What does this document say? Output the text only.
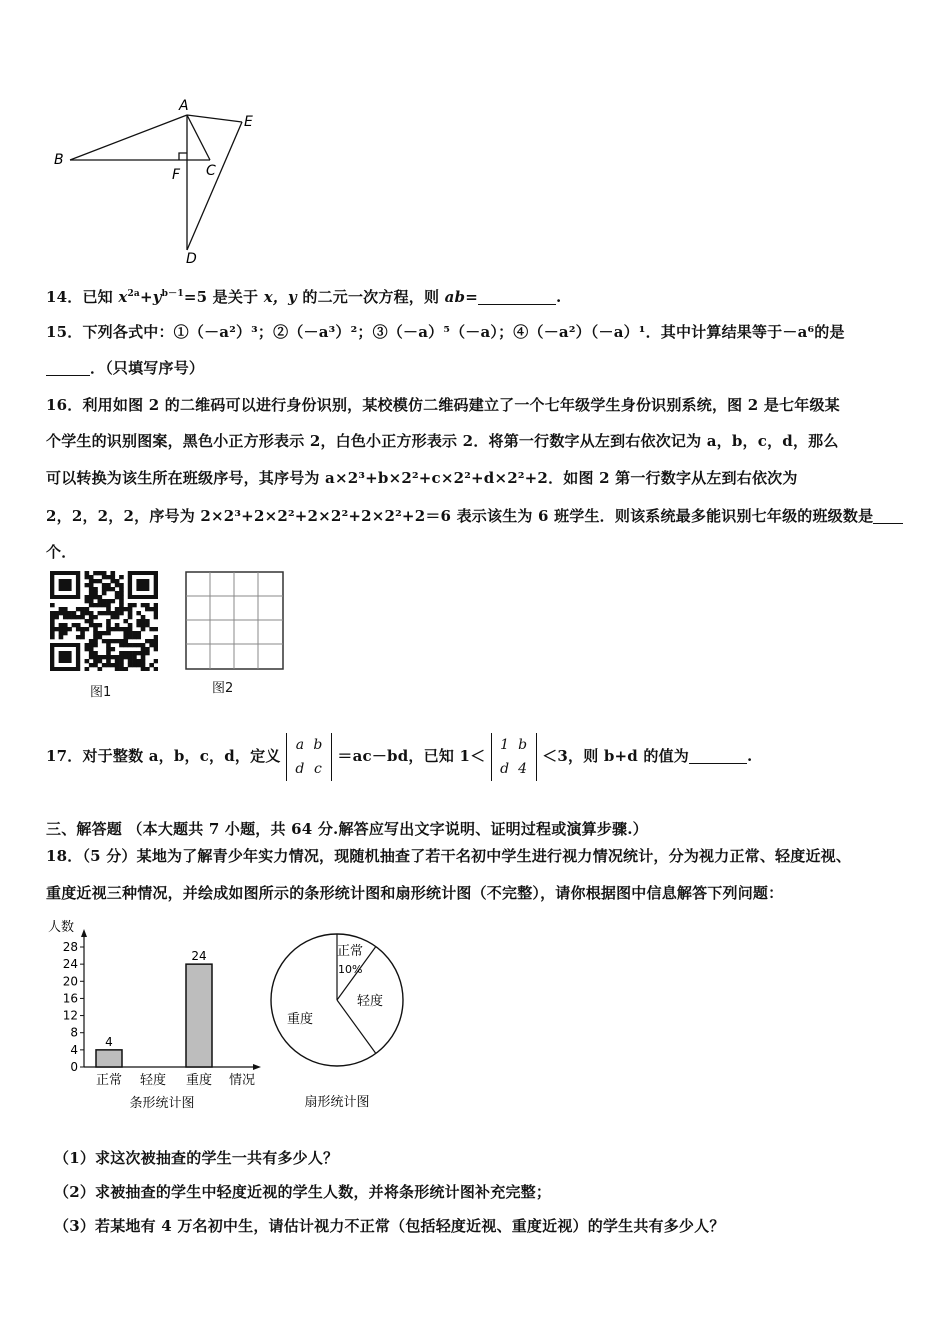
A
B
C
D
E
F
14．已知 $x^{2a}+y^{b-1}=5$ 是关于 x，y 的二元一次方程，则 ab=	.
15．下列各式中：①（－a²）³；②（－a³）²；③（－a）⁵（－a）；④（－a²）（－a）¹．其中计算结果等于－a⁶的是
．（只填写序号）
16．利用如图 2 的二维码可以进行身份识别，某校模仿二维码建立了一个七年级学生身份识别系统，图 2 是七年级某
个学生的识别图案，黑色小正方形表示 2，白色小正方形表示 2．将第一行数字从左到右依次记为 a，b，c，d，那么
可以转换为该生所在班级序号，其序号为 a×2³+b×2²+c×2²+d×2²+2．如图 2 第一行数字从左到右依次为
2，2，2，2，序号为 2×2³+2×2²+2×2²+2×2²+2＝6 表示该生为 6 班学生．则该系统最多能识别七年级的班级数是
个．
图1	图2
17．对于整数 a，b，c，d，定义 a b
d c ＝ac－bd，已知 1＜ 1 b
d 4 ＜3，则 b+d 的值为	.
三、解答题 （本大题共 7 小题，共 64 分.解答应写出文字说明、证明过程或演算步骤.）
18．（5 分）某地为了解青少年实力情况，现随机抽查了若干名初中学生进行视力情况统计，分为视力正常、轻度近视、
重度近视三种情况，并绘成如图所示的条形统计图和扇形统计图（不完整），请你根据图中信息解答下列问题：
人数
0
4
8
12
16
20
24
28
正常 轻度 重度 情况
4
24
条形统计图
正常
轻度
重度
10%
扇形统计图
（1）求这次被抽查的学生一共有多少人？
（2）求被抽查的学生中轻度近视的学生人数，并将条形统计图补充完整；
（3）若某地有 4 万名初中生，请估计视力不正常（包括轻度近视、重度近视）的学生共有多少人？
